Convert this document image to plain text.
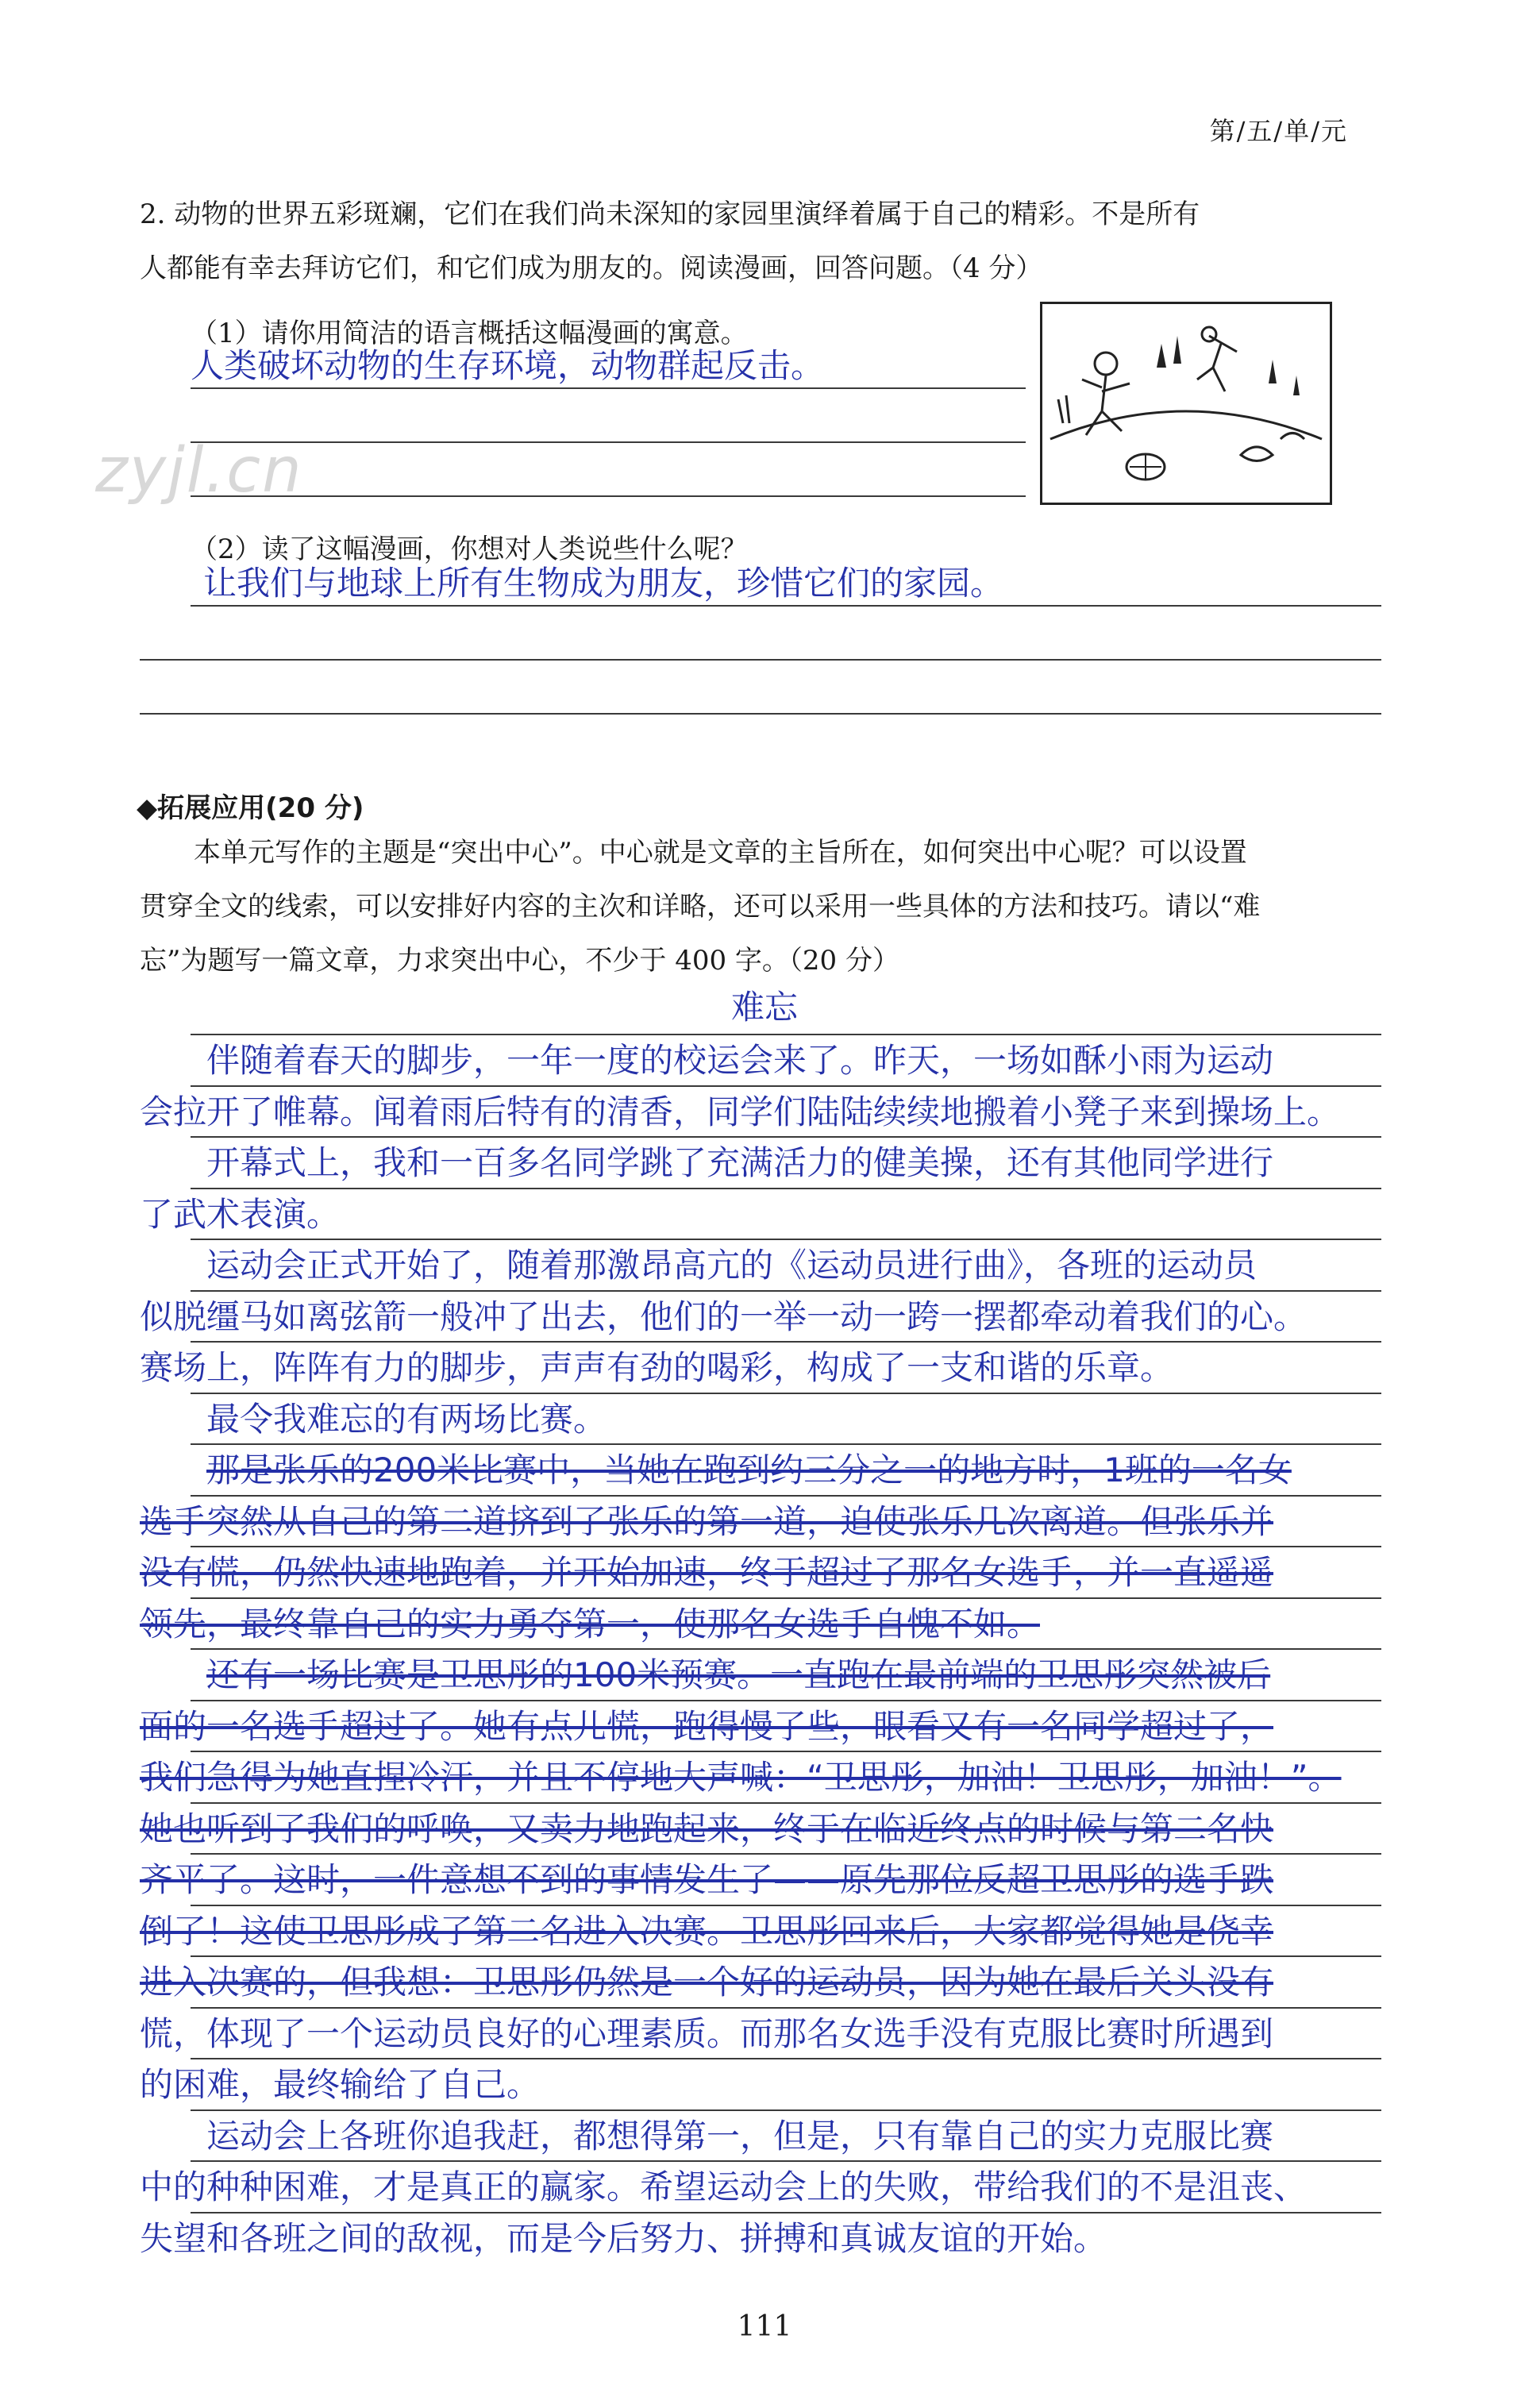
第/五/单/元
2. 动物的世界五彩斑斓，它们在我们尚未深知的家园里演绎着属于自己的精彩。不是所有
人都能有幸去拜访它们，和它们成为朋友的。阅读漫画，回答问题。（4 分）
（1）请你用简洁的语言概括这幅漫画的寓意。
人类破坏动物的生存环境，动物群起反击。
zyjl.cn
（2）读了这幅漫画，你想对人类说些什么呢？
让我们与地球上所有生物成为朋友，珍惜它们的家园。
◆拓展应用(20 分)
本单元写作的主题是“突出中心”。中心就是文章的主旨所在，如何突出中心呢？可以设置
贯穿全文的线索，可以安排好内容的主次和详略，还可以采用一些具体的方法和技巧。请以“难
忘”为题写一篇文章，力求突出中心，不少于 400 字。（20 分）
难忘
伴随着春天的脚步，一年一度的校运会来了。昨天，一场如酥小雨为运动
会拉开了帷幕。闻着雨后特有的清香，同学们陆陆续续地搬着小凳子来到操场上。
开幕式上，我和一百多名同学跳了充满活力的健美操，还有其他同学进行
了武术表演。
运动会正式开始了，随着那激昂高亢的《运动员进行曲》，各班的运动员
似脱缰马如离弦箭一般冲了出去，他们的一举一动一跨一摆都牵动着我们的心。
赛场上，阵阵有力的脚步，声声有劲的喝彩，构成了一支和谐的乐章。
最令我难忘的有两场比赛。
那是张乐的200米比赛中，当她在跑到约三分之一的地方时，1班的一名女
选手突然从自己的第二道挤到了张乐的第一道，迫使张乐几次离道。但张乐并
没有慌，仍然快速地跑着，并开始加速，终于超过了那名女选手，并一直遥遥
领先，最终靠自己的实力勇夺第一，使那名女选手自愧不如。
还有一场比赛是卫思彤的100米预赛。一直跑在最前端的卫思彤突然被后
面的一名选手超过了。她有点儿慌，跑得慢了些，眼看又有一名同学超过了，
我们急得为她直捏冷汗，并且不停地大声喊：“卫思彤，加油！卫思彤，加油！”。
她也听到了我们的呼唤，又卖力地跑起来，终于在临近终点的时候与第二名快
齐平了。这时，一件意想不到的事情发生了——原先那位反超卫思彤的选手跌
倒了！这使卫思彤成了第二名进入决赛。卫思彤回来后，大家都觉得她是侥幸
进入决赛的，但我想：卫思彤仍然是一个好的运动员，因为她在最后关头没有
慌，体现了一个运动员良好的心理素质。而那名女选手没有克服比赛时所遇到
的困难，最终输给了自己。
运动会上各班你追我赶，都想得第一，但是，只有靠自己的实力克服比赛
中的种种困难，才是真正的赢家。希望运动会上的失败，带给我们的不是沮丧、
失望和各班之间的敌视，而是今后努力、拼搏和真诚友谊的开始。
111
